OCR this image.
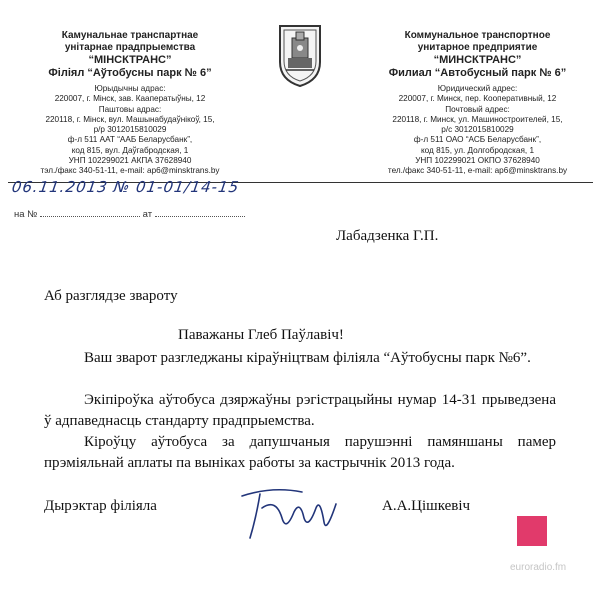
Камунальнае транспартнае
унітарнае прадпрыемства
“МІНСКТРАНС”
Філіял “Аўтобусны парк № 6”
Юрыдычны адрас:
220007, г. Мінск, зав. Кааператыўны, 12
Паштовы адрас:
220118, г. Мінск, вул. Машынабудаўнікоў, 15,
р/р 3012015810029
ф-л 511 ААТ “ААБ Беларусбанк”,
код 815, вул. Даўгабродская, 1
УНП 102299021 АКПА 37628940
тэл./факс 340-51-11, e-mail: ap6@minsktrans.by
Коммунальное транспортное
унитарное предприятие
“МИНСКТРАНС”
Филиал “Автобусный парк № 6”
Юридический адрес:
220007, г. Минск, пер. Кооперативный, 12
Почтовый адрес:
220118, г. Минск, ул. Машиностроителей, 15,
р/с 3012015810029
ф-л 511 ОАО “АСБ Беларусбанк”,
код 815, ул. Долгобродская, 1
УНП 102299021 ОКПО 37628940
тел./факс 340-51-11, e-mail: ap6@minsktrans.by
06.11.2013 № 01-01/14-15
на №	ат
Лабадзенка Г.П.
Аб разглядзе звароту
Паважаны Глеб Паўлавіч!
Ваш зварот разгледжаны кіраўніцтвам філіяла “Аўтобусны парк №6”.
Экіпіроўка аўтобуса дзяржаўны рэгістрацыйны нумар 14-31 прыведзена ў адпаведнасць стандарту прадпрыемства.
Кіроўцу аўтобуса за дапушчаныя парушэнні памяншаны памер прэміяльнай аплаты па выніках работы за кастрычнік 2013 года.
Дырэктар філіяла	А.А.Цішкевіч
euroradio.fm
